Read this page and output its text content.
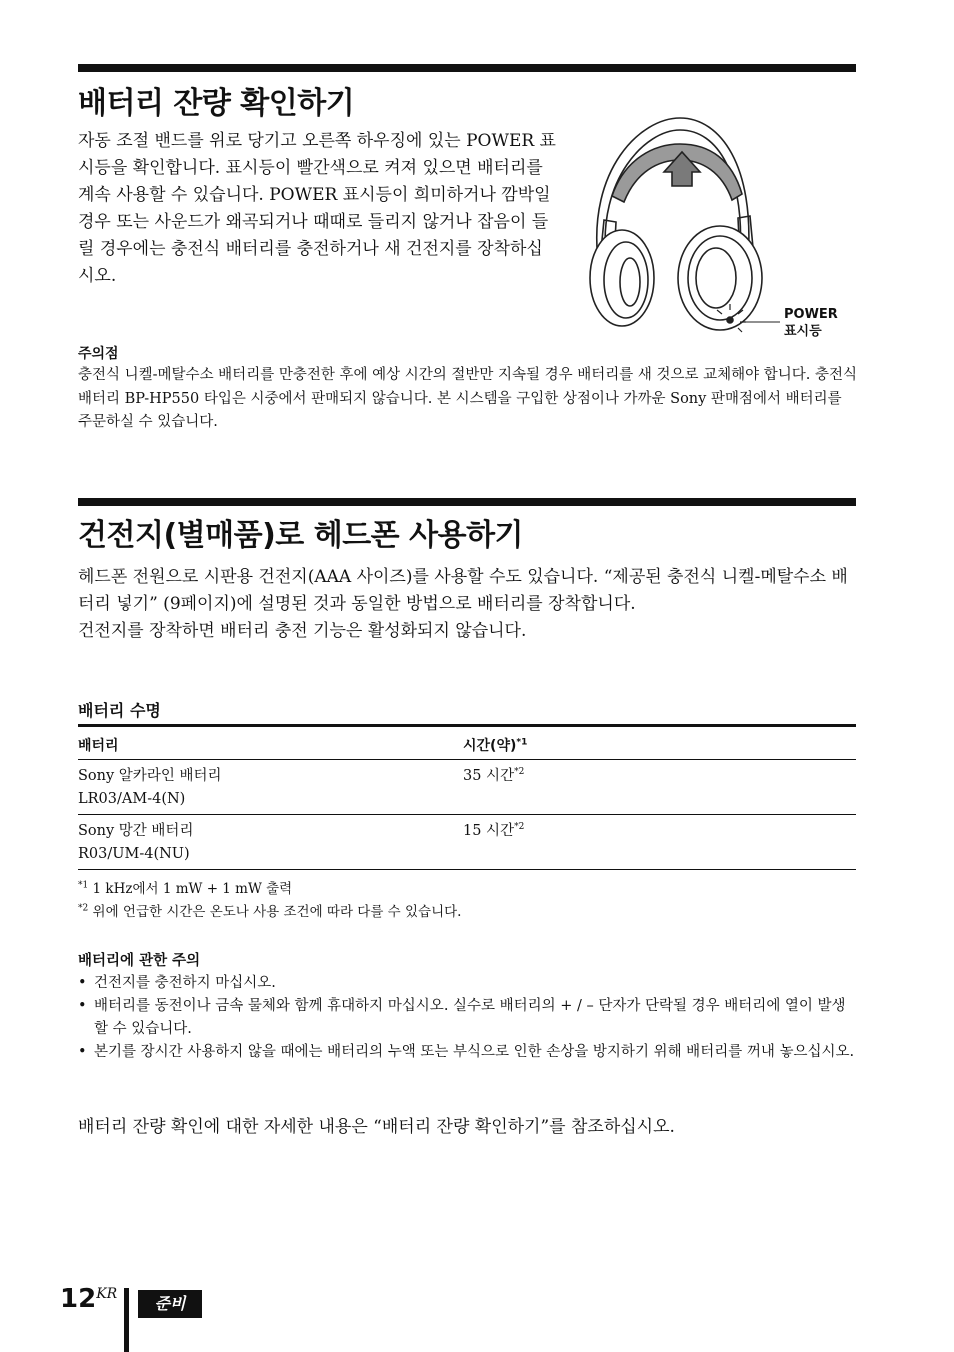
배터리 잔량 확인하기

자동 조절 밴드를 위로 당기고 오른쪽 하우징에 있는 POWER 표시등을 확인합니다. 표시등이 빨간색으로 켜져 있으면 배터리를 계속 사용할 수 있습니다. POWER 표시등이 희미하거나 깜박일 경우 또는 사운드가 왜곡되거나 때때로 들리지 않거나 잡음이 들릴 경우에는 충전식 배터리를 충전하거나 새 건전지를 장착하십시오.

POWER
표시등

주의점

충전식 니켈-메탈수소 배터리를 만충전한 후에 예상 시간의 절반만 지속될 경우 배터리를 새 것으로 교체해야 합니다. 충전식 배터리 BP-HP550 타입은 시중에서 판매되지 않습니다. 본 시스템을 구입한 상점이나 가까운 Sony 판매점에서 배터리를 주문하실 수 있습니다.

건전지(별매품)로 헤드폰 사용하기

헤드폰 전원으로 시판용 건전지(AAA 사이즈)를 사용할 수도 있습니다. “제공된 충전식 니켈-메탈수소 배터리 넣기” (9페이지)에 설명된 것과 동일한 방법으로 배터리를 장착합니다.

건전지를 장착하면 배터리 충전 기능은 활성화되지 않습니다.

배터리 수명

배터리	시간(약)$^{*1}$

Sony 알카라인 배터리
LR03/AM-4(N)	35 시간$^{*2}$

Sony 망간 배터리
R03/UM-4(NU)	15 시간$^{*2}$

$^{*1}$ 1 kHz에서 1 mW + 1 mW 출력

$^{*2}$ 위에 언급한 시간은 온도나 사용 조건에 따라 다를 수 있습니다.

배터리에 관한 주의

• 건전지를 충전하지 마십시오.
• 배터리를 동전이나 금속 물체와 함께 휴대하지 마십시오. 실수로 배터리의 + / – 단자가 단락될 경우 배터리에 열이 발생할 수 있습니다.
• 본기를 장시간 사용하지 않을 때에는 배터리의 누액 또는 부식으로 인한 손상을 방지하기 위해 배터리를 꺼내 놓으십시오.

배터리 잔량 확인에 대한 자세한 내용은 “배터리 잔량 확인하기”를 참조하십시오.

$12^{KR}$	준비
